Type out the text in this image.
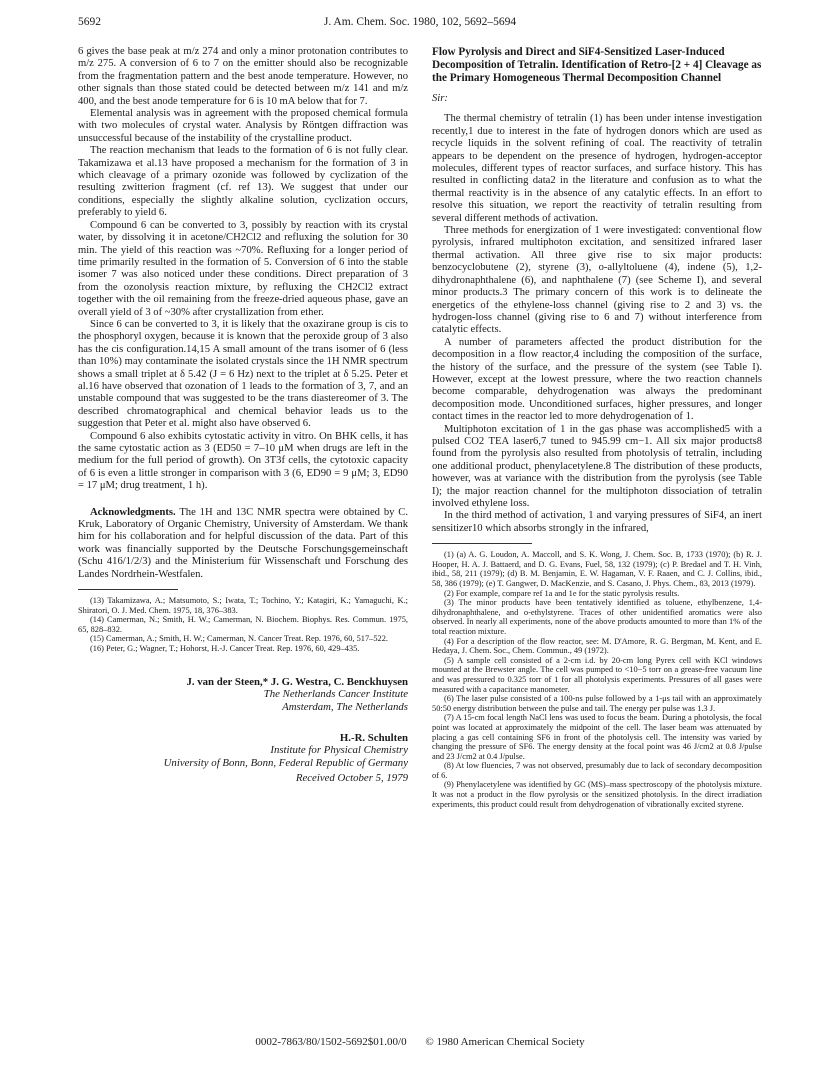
5692	J. Am. Chem. Soc. 1980, 102, 5692–5694

6 gives the base peak at m/z 274 and only a minor protonation contributes to m/z 275. A conversion of 6 to 7 on the emitter should also be recognizable from the fragmentation pattern and the best anode temperature. However, no other signals than those stated could be detected between m/z 141 and m/z 400, and the best anode temperature for 6 is 10 mA below that for 7.

Elemental analysis was in agreement with the proposed chemical formula with two molecules of crystal water. Analysis by Röntgen diffraction was unsuccessful because of the instability of the crystalline product.

The reaction mechanism that leads to the formation of 6 is not fully clear. Takamizawa et al.13 have proposed a mechanism for the formation of 3 in which cleavage of a primary ozonide was followed by cyclization of the resulting zwitterion fragment (cf. ref 13). We suggest that under our conditions, especially the slightly alkaline solution, cyclization occurs, preferably to yield 6.

Compound 6 can be converted to 3, possibly by reaction with its crystal water, by dissolving it in acetone/CH2Cl2 and refluxing the solution for 30 min. The yield of this reaction was ~70%. Refluxing for a longer period of time primarily resulted in the formation of 5. Conversion of 6 into the stable isomer 7 was also noticed under these conditions. Direct preparation of 3 from the ozonolysis reaction mixture, by refluxing the CH2Cl2 extract together with the oil remaining from the freeze-dried aqueous phase, gave an overall yield of 3 of ~30% after crystallization from ether.

Since 6 can be converted to 3, it is likely that the oxazirane group is cis to the phosphoryl oxygen, because it is known that the peroxide group of 3 also has the cis configuration.14,15 A small amount of the trans isomer of 6 (less than 10%) may contaminate the isolated crystals since the 1H NMR spectrum shows a small triplet at δ 5.42 (J = 6 Hz) next to the triplet at δ 5.25. Peter et al.16 have observed that ozonation of 1 leads to the formation of 3, 7, and an unstable compound that was suggested to be the trans diastereomer of 3. The described chromatographical and chemical behavior leads us to the suggestion that Peter et al. might also have observed 6.

Compound 6 also exhibits cytostatic activity in vitro. On BHK cells, it has the same cytostatic action as 3 (ED50 = 7–10 μM when drugs are left in the medium for the full period of growth). On 3T3f cells, the cytotoxic capacity of 6 is even a little stronger in comparison with 3 (6, ED90 = 9 μM; 3, ED90 = 17 μM; drug treatment, 1 h).

Acknowledgments. The 1H and 13C NMR spectra were obtained by C. Kruk, Laboratory of Organic Chemistry, University of Amsterdam. We thank him for his collaboration and for helpful discussion of the data. Part of this work was financially supported by the Deutsche Forschungsgemeinschaft (Schu 416/1/2/3) and the Ministerium für Wissenschaft und Forschung des Landes Nordrhein-Westfalen.

(13) Takamizawa, A.; Matsumoto, S.; Iwata, T.; Tochino, Y.; Katagiri, K.; Yamaguchi, K.; Shiratori, O. J. Med. Chem. 1975, 18, 376–383.

(14) Camerman, N.; Smith, H. W.; Camerman, N. Biochem. Biophys. Res. Commun. 1975, 65, 828–832.

(15) Camerman, A.; Smith, H. W.; Camerman, N. Cancer Treat. Rep. 1976, 60, 517–522.

(16) Peter, G.; Wagner, T.; Hohorst, H.-J. Cancer Treat. Rep. 1976, 60, 429–435.

J. van der Steen,* J. G. Westra, C. Benckhuysen
The Netherlands Cancer Institute
Amsterdam, The Netherlands
H.-R. Schulten
Institute for Physical Chemistry
University of Bonn, Bonn, Federal Republic of Germany
Received October 5, 1979
Flow Pyrolysis and Direct and SiF4-Sensitized Laser-Induced Decomposition of Tetralin. Identification of Retro-[2 + 4] Cleavage as the Primary Homogeneous Thermal Decomposition Channel

Sir:

The thermal chemistry of tetralin (1) has been under intense investigation recently,1 due to interest in the fate of hydrogen donors which are used as recycle liquids in the solvent refining of coal. The reactivity of tetralin appears to be dependent on the presence of hydrogen, hydrogen-acceptor molecules, different types of reactor surfaces, and surface history. This has resulted in conflicting data2 in the literature and confusion as to what the thermal reactivity is in the absence of any catalytic effects. In an effort to resolve this situation, we report the reactivity of tetralin resulting from several different methods of activation.

Three methods for energization of 1 were investigated: conventional flow pyrolysis, infrared multiphoton excitation, and sensitized infrared laser thermal activation. All three give rise to six major products: benzocyclobutene (2), styrene (3), o-allyltoluene (4), indene (5), 1,2-dihydronaphthalene (6), and naphthalene (7) (see Scheme I), and several minor products.3 The primary concern of this work is to delineate the energetics of the ethylene-loss channel (giving rise to 2 and 3) vs. the hydrogen-loss channel (giving rise to 6 and 7) without interference from catalytic effects.

A number of parameters affected the product distribution for the decomposition in a flow reactor,4 including the composition of the surface, the history of the surface, and the pressure of the system (see Table I). However, except at the lowest pressure, where the two reaction channels become comparable, dehydrogenation was always the predominant decomposition mode. Unconditioned surfaces, higher pressures, and longer contact times in the reactor led to more dehydrogenation of 1.

Multiphoton excitation of 1 in the gas phase was accomplished5 with a pulsed CO2 TEA laser6,7 tuned to 945.99 cm−1. All six major products8 found from the pyrolysis also resulted from photolysis of tetralin, including one additional product, phenylacetylene.8 The distribution of these products, however, was at variance with the distribution from the pyrolysis (see Table I); the major reaction channel for the multiphoton dissociation of tetralin involved ethylene loss.

In the third method of activation, 1 and varying pressures of SiF4, an inert sensitizer10 which absorbs strongly in the infrared,

(1) (a) A. G. Loudon, A. Maccoll, and S. K. Wong, J. Chem. Soc. B, 1733 (1970); (b) R. J. Hooper, H. A. J. Battaerd, and D. G. Evans, Fuel, 58, 132 (1979); (c) P. Bredael and T. H. Vinh, ibid., 58, 211 (1979); (d) B. M. Benjamin, E. W. Hagaman, V. F. Raaen, and C. J. Collins, ibid., 58, 386 (1979); (e) T. Gangwer, D. MacKenzie, and S. Casano, J. Phys. Chem., 83, 2013 (1979).

(2) For example, compare ref 1a and 1e for the static pyrolysis results.

(3) The minor products have been tentatively identified as toluene, ethylbenzene, 1,4-dihydronaphthalene, and o-ethylstyrene. Traces of other unidentified aromatics were also observed. In nearly all experiments, none of the above products amounted to more than 1% of the total reaction mixture.

(4) For a description of the flow reactor, see: M. D'Amore, R. G. Bergman, M. Kent, and E. Hedaya, J. Chem. Soc., Chem. Commun., 49 (1972).

(5) A sample cell consisted of a 2-cm i.d. by 20-cm long Pyrex cell with KCl windows mounted at the Brewster angle. The cell was pumped to <10−5 torr on a grease-free vacuum line and was pressured to 0.325 torr of 1 for all photolysis experiments. Pressures of all gases were measured with a capacitance manometer.

(6) The laser pulse consisted of a 100-ns pulse followed by a 1-μs tail with an approximately 50:50 energy distribution between the pulse and tail. The energy per pulse was 1.3 J.

(7) A 15-cm focal length NaCl lens was used to focus the beam. During a photolysis, the focal point was located at approximately the midpoint of the cell. The laser beam was attenuated by placing a gas cell containing SF6 in front of the photolysis cell. The intensity was varied by changing the pressure of SF6. The energy density at the focal point was 46 J/cm2 at 0.8 J/pulse and 23 J/cm2 at 0.4 J/pulse.

(8) At low fluencies, 7 was not observed, presumably due to lack of secondary decomposition of 6.

(9) Phenylacetylene was identified by GC (MS)–mass spectroscopy of the photolysis mixture. It was not a product in the flow pyrolysis or the sensitized photolysis. In the direct irradiation experiments, this product could result from dehydrogenation of vibrationally excited styrene.

0002-7863/80/1502-5692$01.00/0 © 1980 American Chemical Society
